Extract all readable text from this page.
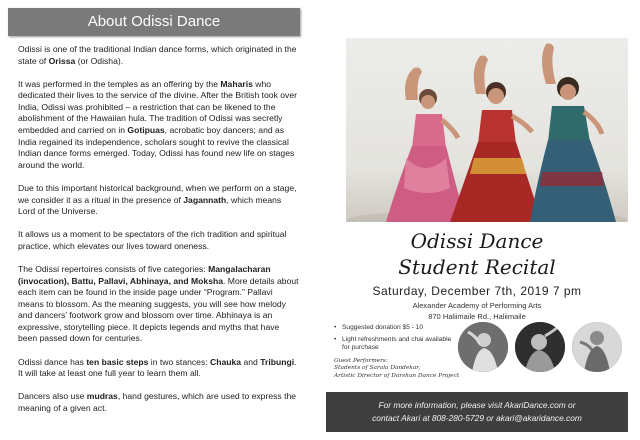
About Odissi Dance

Odissi is one of the traditional Indian dance forms, which originated in the state of Orissa (or Odisha).

It was performed in the temples as an offering by the Maharis who dedicated their lives to the service of the divine. After the British took over India, Odissi was prohibited – a restriction that can be likened to the abolishment of the Hawaiian hula. The tradition of Odissi was secretly embedded and carried on in Gotipuas, acrobatic boy dancers; and as India regained its independence, scholars sought to revive the classical Indian dance forms emerged. Today, Odissi has found new life on stages around the world.

Due to this important historical background, when we perform on a stage, we consider it as a ritual in the presence of Jagannath, which means Lord of the Universe.

It allows us a moment to be spectators of the rich tradition and spiritual practice, which elevates our lives toward oneness.

The Odissi repertoires consists of five categories: Mangalacharan (invocation), Battu, Pallavi, Abhinaya, and Moksha. More details about each item can be found in the inside page under “Program.” Pallavi means to blossom. As the meaning suggests, you will see how melody and dancers’ footwork grow and blossom over time. Abhinaya is an expressive, storytelling piece. It depicts legends and myths that have been passed down for centuries.

Odissi dance has ten basic steps in two stances: Chauka and Tribungi. It will take at least one full year to learn them all.

Dancers also use mudras, hand gestures, which are used to express the meaning of a given act.

Odissi Dance
Student Recital
Saturday, December 7th, 2019 7 pm
Alexander Academy of Performing Arts
870 Haliimaile Rd., Haliimaile
• Suggested donation $5 - 10
• Light refreshments and chai available for purchase
Guest Performers:
Students of Sarala Dandekar,
Artistic Director of Darshan Dance Project
For more information, please visit AkariDance.com or
contact Akari at 808-280-5729 or akari@akaridance.com
